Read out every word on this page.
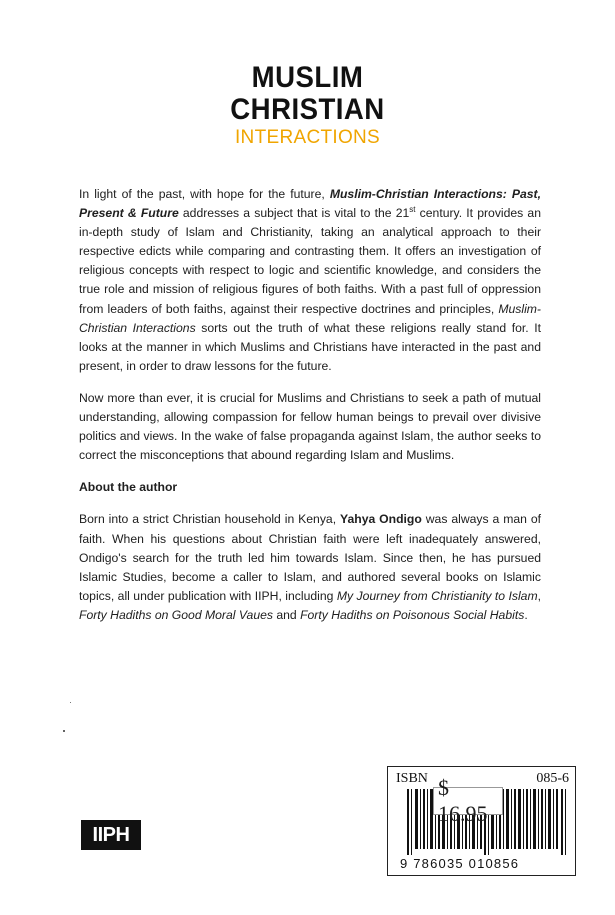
MUSLIM
CHRISTIAN
INTERACTIONS

In light of the past, with hope for the future, Muslim-Christian Interactions: Past, Present & Future addresses a subject that is vital to the 21st century. It provides an in-depth study of Islam and Christianity, taking an analytical approach to their respective edicts while comparing and contrasting them. It offers an investigation of religious concepts with respect to logic and scientific knowledge, and considers the true role and mission of religious figures of both faiths. With a past full of oppression from leaders of both faiths, against their respective doctrines and principles, Muslim-Christian Interactions sorts out the truth of what these religions really stand for. It looks at the manner in which Muslims and Christians have interacted in the past and present, in order to draw lessons for the future.

Now more than ever, it is crucial for Muslims and Christians to seek a path of mutual understanding, allowing compassion for fellow human beings to prevail over divisive politics and views. In the wake of false propaganda against Islam, the author seeks to correct the misconceptions that abound regarding Islam and Muslims.

About the author

Born into a strict Christian household in Kenya, Yahya Ondigo was always a man of faith. When his questions about Christian faith were left inadequately answered, Ondigo's search for the truth led him towards Islam. Since then, he has pursued Islamic Studies, become a caller to Islam, and authored several books on Islamic topics, all under publication with IIPH, including My Journey from Christianity to Islam, Forty Hadiths on Good Moral Vaues and Forty Hadiths on Poisonous Social Habits.

IIPH
ISBN	085-6
$ 16.95
9 786035 010856
